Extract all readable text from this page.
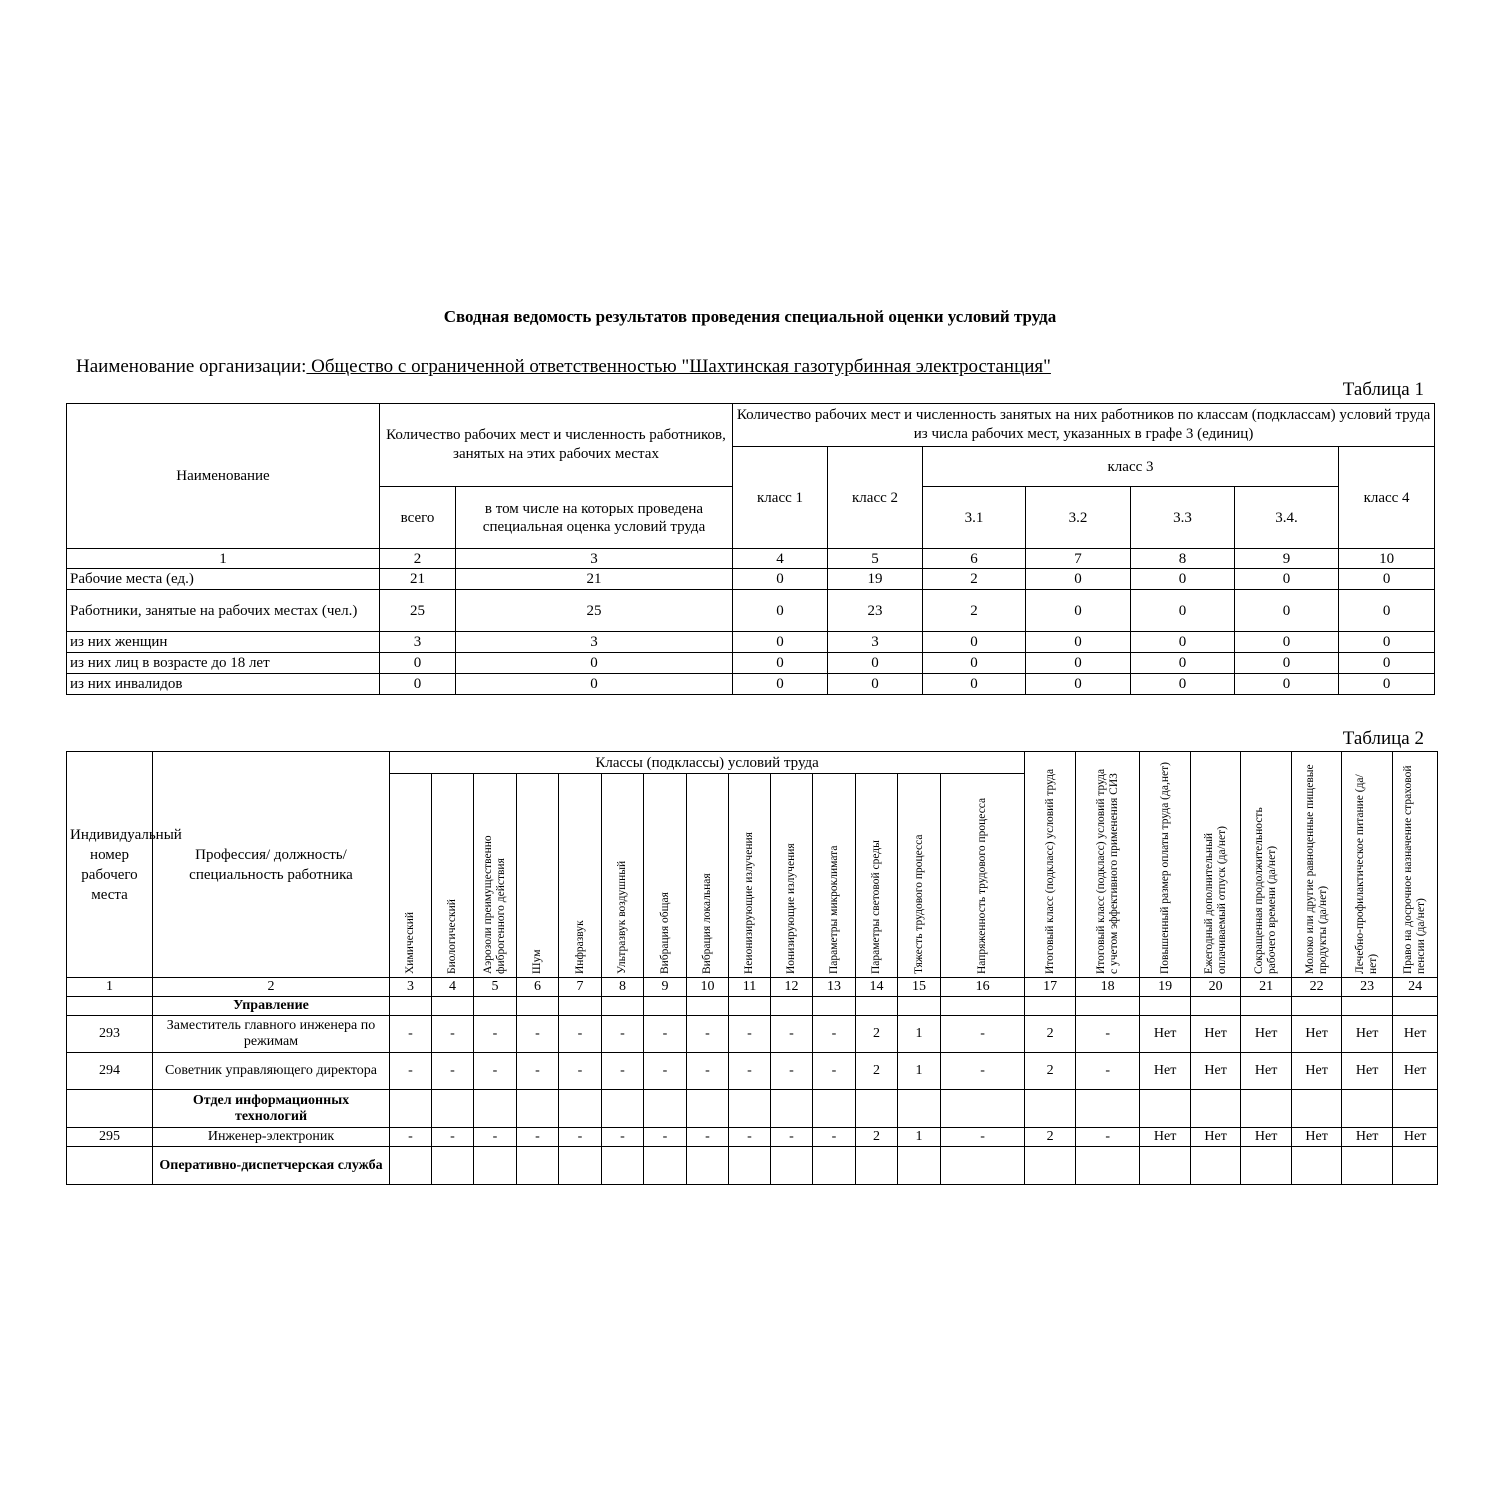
Сводная ведомость результатов проведения специальной оценки условий труда
Наименование организации: Общество с ограниченной ответственностью "Шахтинская газотурбинная электростанция"
Таблица 1
Наименование	Количество рабочих мест и численность работников, занятых на этих рабочих местах		Количество рабочих мест и численность занятых на них работников по классам (подклассам) условий труда из числа рабочих мест, указанных в графе 3 (единиц)						
			класс 1	класс 2	класс 3				класс 4
	всего	в том числе на которых проведена специальная оценка условий труда			3.1	3.2	3.3	3.4.	
1	2	3	4	5	6	7	8	9	10
Рабочие места (ед.)	21	21	0	19	2	0	0	0	0
Работники, занятые на рабочих местах (чел.)	25	25	0	23	2	0	0	0	0
из них женщин	3	3	0	3	0	0	0	0	0
из них лиц в возрасте до 18 лет	0	0	0	0	0	0	0	0	0
из них инвалидов	0	0	0	0	0	0	0	0	0
Таблица 2
Индивидуальный номер рабочего места	Профессия/ должность/ специальность работника	Классы (подклассы) условий труда														Итоговый класс (подкласс) условий труда	Итоговый класс (подкласс) условий труда с учетом эффективного применения СИЗ	Повышенный размер оплаты труда (да,нет)	Ежегодный дополнительный оплачиваемый отпуск (да/нет)	Сокращенная продолжительность рабочего времени (да/нет)	Молоко или другие равноценные пищевые продукты (да/нет)	Лечебно-профилактическое питание (да/нет)	Право на досрочное назначение страховой пенсии (да/нет)

		Химический	Биологический	Аэрозоли преимущественно фиброгенного действия	Шум	Инфразвук	Ультразвук воздушный	Вибрация общая	Вибрация локальная	Неионизирующие излучения	Ионизирующие излучения	Параметры микроклимата	Параметры световой среды	Тяжесть трудового процесса	Напряженность трудового процесса								

1	2	3	4	5	6	7	8	9	10	11	12	13	14	15	16	17	18	19	20	21	22	23	24
	Управление																						
293	Заместитель главного инженера по режимам	-	-	-	-	-	-	-	-	-	-	-	2	1	-	2	-	Нет	Нет	Нет	Нет	Нет	Нет
294	Советник управляющего директора	-	-	-	-	-	-	-	-	-	-	-	2	1	-	2	-	Нет	Нет	Нет	Нет	Нет	Нет
	Отдел информационных технологий																						
295	Инженер-электроник	-	-	-	-	-	-	-	-	-	-	-	2	1	-	2	-	Нет	Нет	Нет	Нет	Нет	Нет
	Оперативно-диспетчерская служба																						
